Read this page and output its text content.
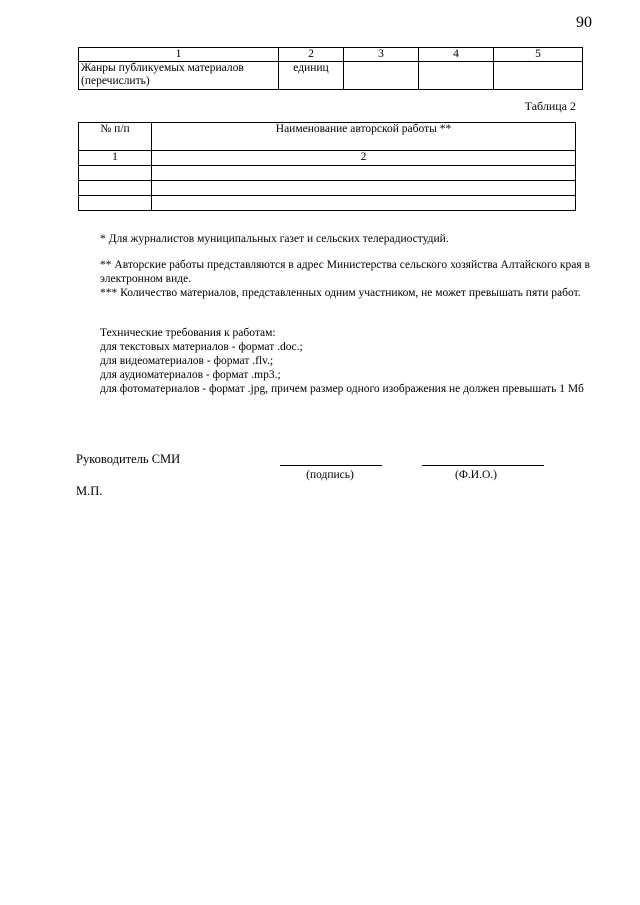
90
1	2	3	4	5
Жанры публикуемых материалов (перечислить)	единиц			
Таблица 2
№ п/п	Наименование авторской работы **
1	2

* Для журналистов муниципальных газет и сельских телерадиостудий.

** Авторские работы представляются в адрес Министерства сельского хозяйства Алтайского края в электронном виде.

*** Количество материалов, представленных одним участником, не может превышать пяти работ.

Технические требования к работам:

для текстовых материалов - формат .doc.;

для видеоматериалов - формат .flv.;

для аудиоматериалов - формат .mp3.;

для фотоматериалов - формат .jpg, причем размер одного изображения не должен превышать 1 Мб

Руководитель СМИ
(подпись)	(Ф.И.О.)
М.П.
